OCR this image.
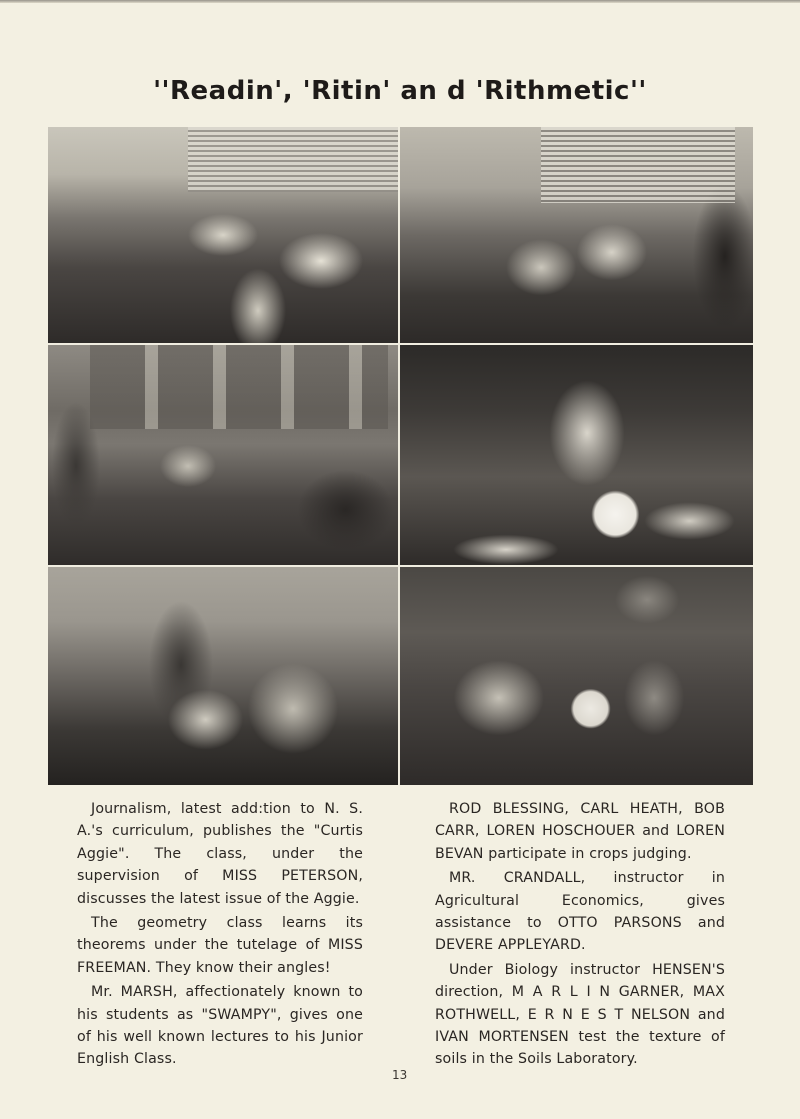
''Readin', 'Ritin' an d 'Rithmetic''

Journalism, latest add:tion to N. S. A.'s curriculum, publishes the "Curtis Aggie". The class, under the supervision of MISS PETERSON, discusses the latest issue of the Aggie.

The geometry class learns its theorems under the tutelage of MISS FREEMAN. They know their angles!

Mr. MARSH, affectionately known to his students as "SWAMPY", gives one of his well known lectures to his Junior English Class.

ROD BLESSING, CARL HEATH, BOB CARR, LOREN HOSCHOUER and LOREN BEVAN participate in crops judging.

MR. CRANDALL, instructor in Agricultural Economics, gives assistance to OTTO PARSONS and DEVERE APPLEYARD.

Under Biology instructor HENSEN'S direction, M A R L I N GARNER, MAX ROTHWELL, E R N E S T NELSON and IVAN MORTENSEN test the texture of soils in the Soils Laboratory.

13
